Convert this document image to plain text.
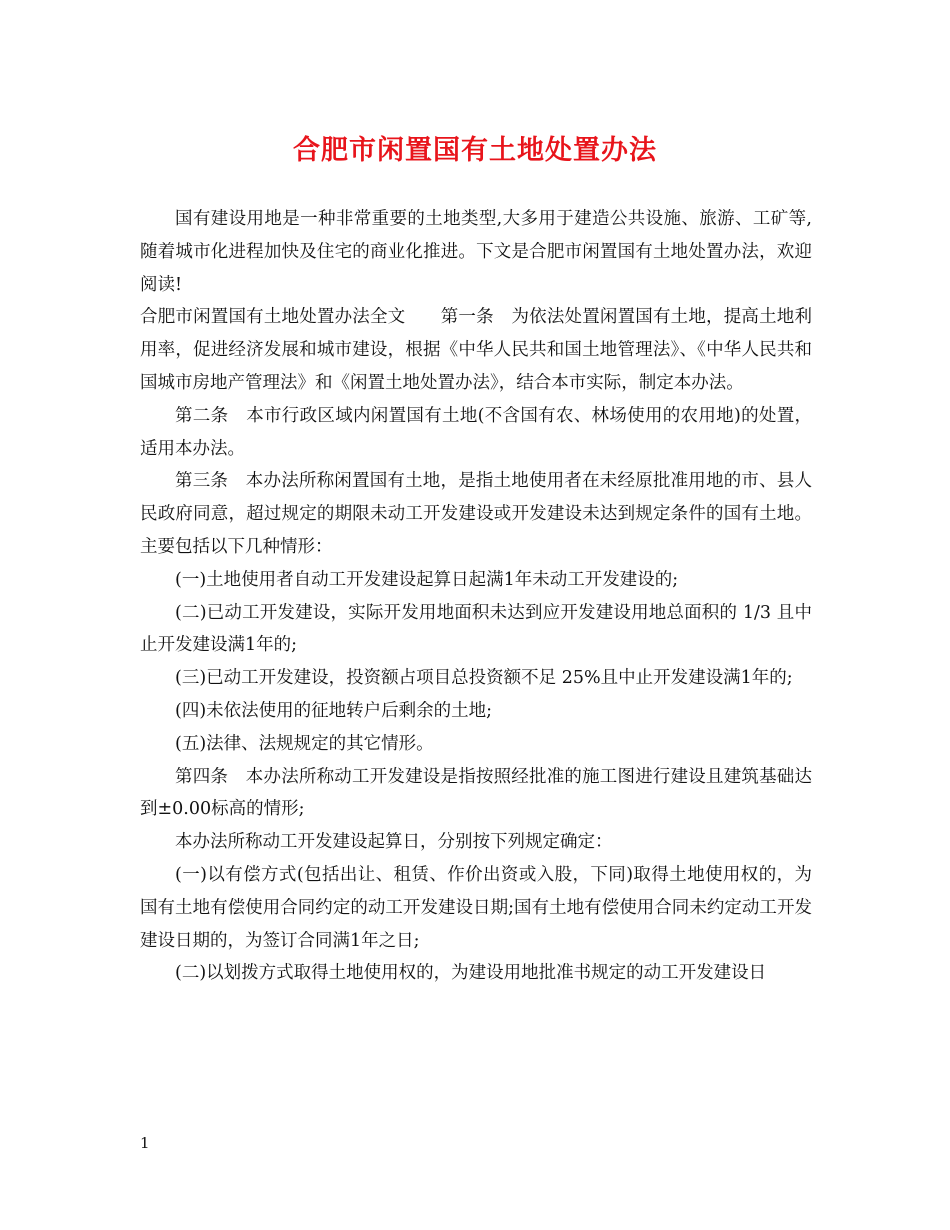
合肥市闲置国有土地处置办法

国有建设用地是一种非常重要的土地类型,大多用于建造公共设施、旅游、工矿等,随着城市化进程加快及住宅的商业化推进。下文是合肥市闲置国有土地处置办法，欢迎阅读!

合肥市闲置国有土地处置办法全文　　第一条　为依法处置闲置国有土地，提高土地利用率，促进经济发展和城市建设，根据《中华人民共和国土地管理法》、《中华人民共和国城市房地产管理法》和《闲置土地处置办法》，结合本市实际，制定本办法。

第二条　本市行政区域内闲置国有土地(不含国有农、林场使用的农用地)的处置，适用本办法。

第三条　本办法所称闲置国有土地，是指土地使用者在未经原批准用地的市、县人民政府同意，超过规定的期限未动工开发建设或开发建设未达到规定条件的国有土地。主要包括以下几种情形：

(一)土地使用者自动工开发建设起算日起满1年未动工开发建设的;

(二)已动工开发建设，实际开发用地面积未达到应开发建设用地总面积的 1/3 且中止开发建设满1年的;

(三)已动工开发建设，投资额占项目总投资额不足 25%且中止开发建设满1年的;

(四)未依法使用的征地转户后剩余的土地;

(五)法律、法规规定的其它情形。

第四条　本办法所称动工开发建设是指按照经批准的施工图进行建设且建筑基础达到±0.00标高的情形;

本办法所称动工开发建设起算日，分别按下列规定确定：

(一)以有偿方式(包括出让、租赁、作价出资或入股，下同)取得土地使用权的，为国有土地有偿使用合同约定的动工开发建设日期;国有土地有偿使用合同未约定动工开发建设日期的，为签订合同满1年之日;

(二)以划拨方式取得土地使用权的，为建设用地批准书规定的动工开发建设日

1
